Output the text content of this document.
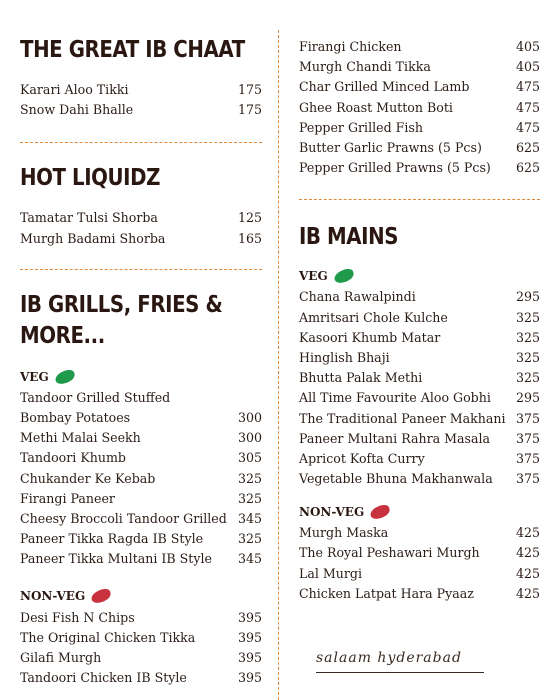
THE GREAT IB CHAAT
Karari Aloo Tikki	175
Snow Dahi Bhalle	175
HOT LIQUIDZ
Tamatar Tulsi Shorba	125
Murgh Badami Shorba	165
IB GRILLS, FRIES &
MORE...
VEG
Tandoor Grilled Stuffed
Bombay Potatoes	300
Methi Malai Seekh	300
Tandoori Khumb	305
Chukander Ke Kebab	325
Firangi Paneer	325
Cheesy Broccoli Tandoor Grilled 345
Paneer Tikka Ragda IB Style	325
Paneer Tikka Multani IB Style 345
NON-VEG
Desi Fish N Chips	395
The Original Chicken Tikka	395
Gilafi Murgh	395
Tandoori Chicken IB Style	395
Firangi Chicken	405
Murgh Chandi Tikka	405
Char Grilled Minced Lamb	475
Ghee Roast Mutton Boti	475
Pepper Grilled Fish	475
Butter Garlic Prawns (5 Pcs)	625
Pepper Grilled Prawns (5 Pcs) 625
IB MAINS
VEG
Chana Rawalpindi	295
Amritsari Chole Kulche	325
Kasoori Khumb Matar	325
Hinglish Bhaji	325
Bhutta Palak Methi	325
All Time Favourite Aloo Gobhi 295
The Traditional Paneer Makhani 375
Paneer Multani Rahra Masala 375
Apricot Kofta Curry	375
Vegetable Bhuna Makhanwala 375
NON-VEG
Murgh Maska	425
The Royal Peshawari Murgh	425
Lal Murgi	425
Chicken Latpat Hara Pyaaz	425
salaam hyderabad
